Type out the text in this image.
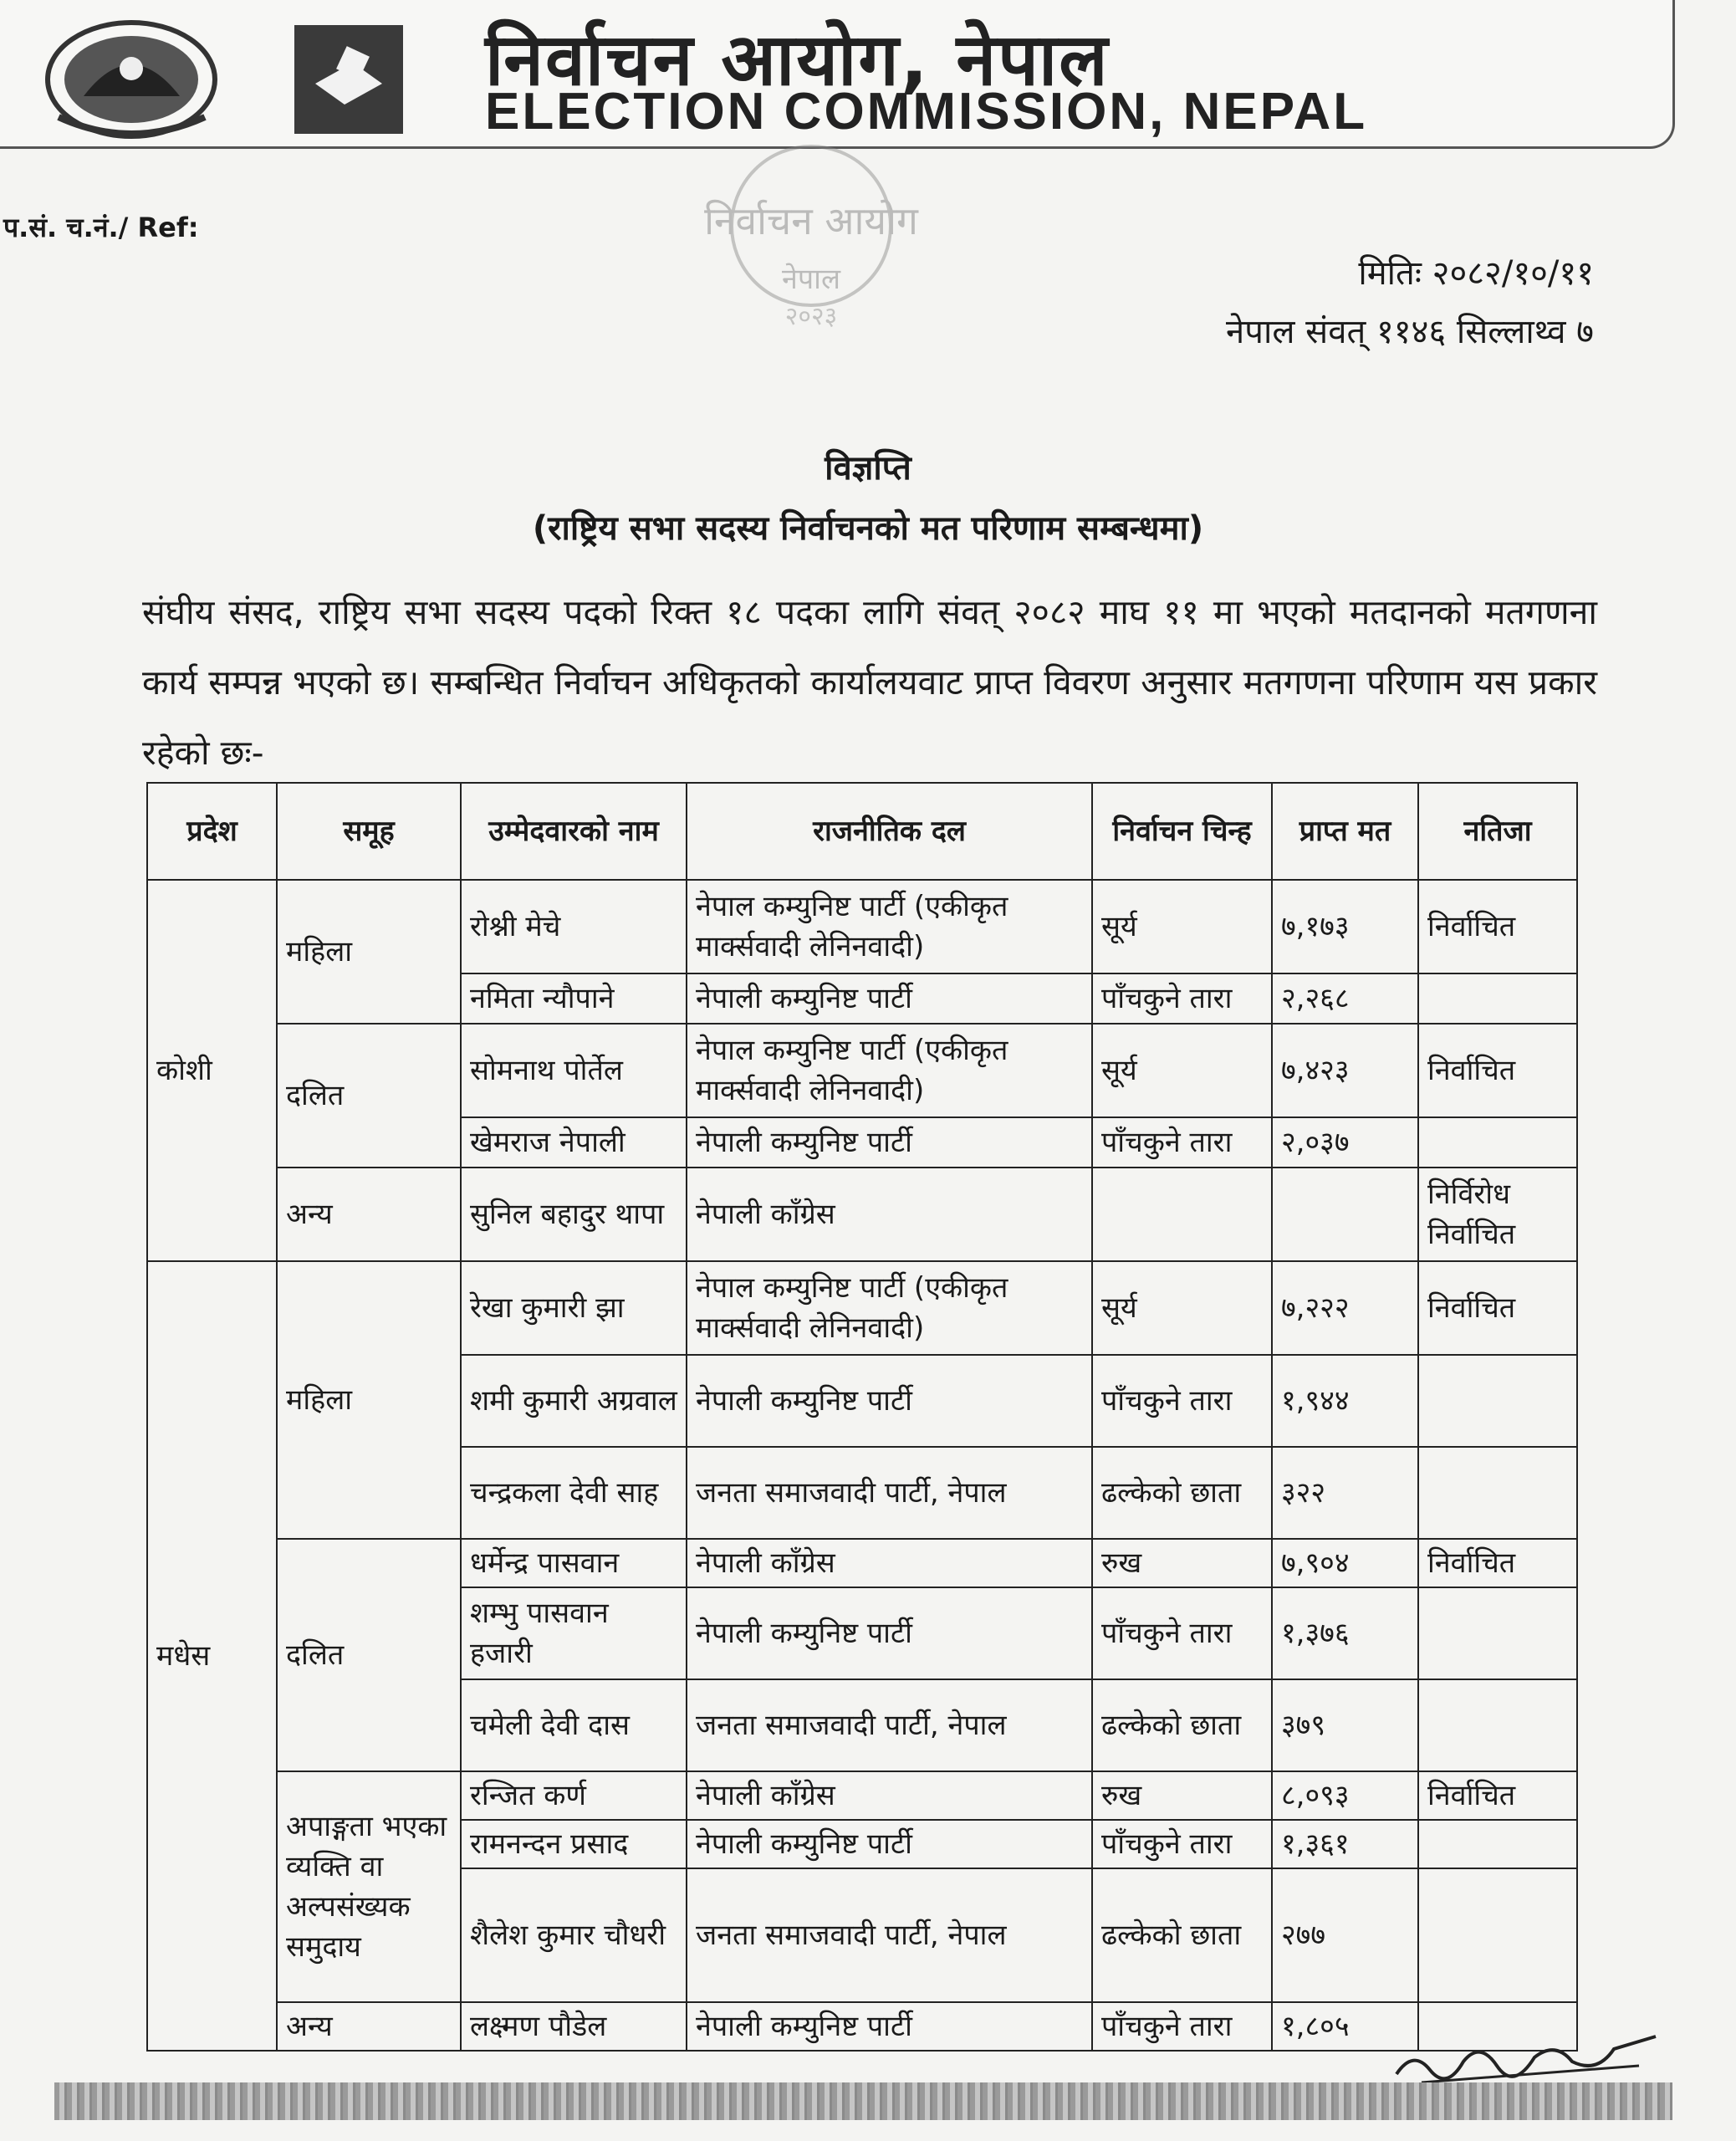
निर्वाचन आयोग, नेपाल
ELECTION COMMISSION, NEPAL
प.सं. च.नं./ Ref:	निर्वाचन आयोग
नेपाल
२०२३
मितिः २०८२/१०/११
नेपाल संवत् ११४६ सिल्लाथ्व ७
विज्ञप्ति
(राष्ट्रिय सभा सदस्य निर्वाचनको मत परिणाम सम्बन्धमा)
संघीय संसद, राष्ट्रिय सभा सदस्य पदको रिक्त १८ पदका लागि संवत् २०८२ माघ ११ मा भएको मतदानको मतगणना कार्य सम्पन्न भएको छ। सम्बन्धित निर्वाचन अधिकृतको कार्यालयवाट प्राप्त विवरण अनुसार मतगणना परिणाम यस प्रकार रहेको छः-
प्रदेश	समूह	उम्मेदवारको नाम	राजनीतिक दल	निर्वाचन चिन्ह	प्राप्त मत	नतिजा
कोशी	महिला	रोश्नी मेचे	नेपाल कम्युनिष्ट पार्टी (एकीकृत मार्क्सवादी लेनिनवादी)	सूर्य	७,१७३	निर्वाचित
		नमिता न्यौपाने	नेपाली कम्युनिष्ट पार्टी	पाँचकुने तारा	२,२६८	
	दलित	सोमनाथ पोर्तेल	नेपाल कम्युनिष्ट पार्टी (एकीकृत मार्क्सवादी लेनिनवादी)	सूर्य	७,४२३	निर्वाचित
		खेमराज नेपाली	नेपाली कम्युनिष्ट पार्टी	पाँचकुने तारा	२,०३७	
	अन्य	सुनिल बहादुर थापा	नेपाली काँग्रेस			निर्विरोध निर्वाचित
मधेस	महिला	रेखा कुमारी झा	नेपाल कम्युनिष्ट पार्टी (एकीकृत मार्क्सवादी लेनिनवादी)	सूर्य	७,२२२	निर्वाचित
		शमी कुमारी अग्रवाल	नेपाली कम्युनिष्ट पार्टी	पाँचकुने तारा	१,९४४	
		चन्द्रकला देवी साह	जनता समाजवादी पार्टी, नेपाल	ढल्केको छाता	३२२	
	दलित	धर्मेन्द्र पासवान	नेपाली काँग्रेस	रुख	७,९०४	निर्वाचित
		शम्भु पासवान हजारी	नेपाली कम्युनिष्ट पार्टी	पाँचकुने तारा	१,३७६	
		चमेली देवी दास	जनता समाजवादी पार्टी, नेपाल	ढल्केको छाता	३७९	
	अपाङ्गता भएका व्यक्ति वा अल्पसंख्यक समुदाय	रन्जित कर्ण	नेपाली काँग्रेस	रुख	८,०९३	निर्वाचित
		रामनन्दन प्रसाद	नेपाली कम्युनिष्ट पार्टी	पाँचकुने तारा	१,३६१	
		शैलेश कुमार चौधरी	जनता समाजवादी पार्टी, नेपाल	ढल्केको छाता	२७७	
	अन्य	लक्ष्मण पौडेल	नेपाली कम्युनिष्ट पार्टी	पाँचकुने तारा	१,८०५	
